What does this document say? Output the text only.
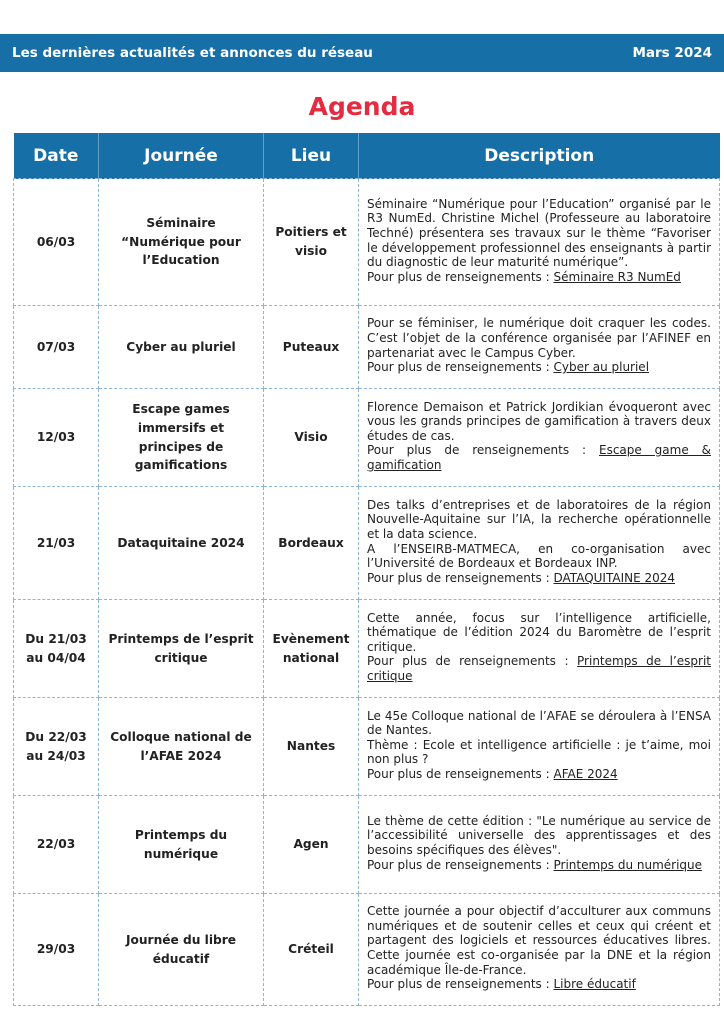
Les dernières actualités et annonces du réseau	Mars 2024
Agenda
Date	Journée	Lieu	Description
06/03	Séminaire “Numérique pour l’Education	Poitiers et visio	Séminaire “Numérique pour l’Education” organisé par le R3 NumEd. Christine Michel (Professeure au laboratoire Techné) présentera ses travaux sur le thème “Favoriser le développement professionnel des enseignants à partir du diagnostic de leur maturité numérique”.
Pour plus de renseignements : Séminaire R3 NumEd

07/03	Cyber au pluriel	Puteaux	Pour se féminiser, le numérique doit craquer les codes. C’est l’objet de la conférence organisée par l’AFINEF en partenariat avec le Campus Cyber.
Pour plus de renseignements : Cyber au pluriel

12/03	Escape games immersifs et principes de gamifications	Visio	Florence Demaison et Patrick Jordikian évoqueront avec vous les grands principes de gamification à travers deux études de cas.
Pour plus de renseignements : Escape game & gamification

21/03	Dataquitaine 2024	Bordeaux	Des talks d’entreprises et de laboratoires de la région Nouvelle-Aquitaine sur l’IA, la recherche opérationnelle et la data science.
A l’ENSEIRB-MATMECA, en co-organisation avec l’Université de Bordeaux et Bordeaux INP.
Pour plus de renseignements : DATAQUITAINE 2024

Du 21/03 au 04/04	Printemps de l’esprit critique	Evènement national	Cette année, focus sur l’intelligence artificielle, thématique de l’édition 2024 du Baromètre de l’esprit critique.
Pour plus de renseignements : Printemps de l’esprit critique

Du 22/03 au 24/03	Colloque national de l’AFAE 2024	Nantes	Le 45e Colloque national de l’AFAE se déroulera à l’ENSA de Nantes.
Thème : Ecole et intelligence artificielle : je t’aime, moi non plus ?
Pour plus de renseignements : AFAE 2024

22/03	Printemps du numérique	Agen	Le thème de cette édition : "Le numérique au service de l’accessibilité universelle des apprentissages et des besoins spécifiques des élèves".
Pour plus de renseignements : Printemps du numérique

29/03	Journée du libre éducatif	Créteil	Cette journée a pour objectif d’acculturer aux communs numériques et de soutenir celles et ceux qui créent et partagent des logiciels et ressources éducatives libres. Cette journée est co-organisée par la DNE et la région académique Île-de-France.
Pour plus de renseignements : Libre éducatif
